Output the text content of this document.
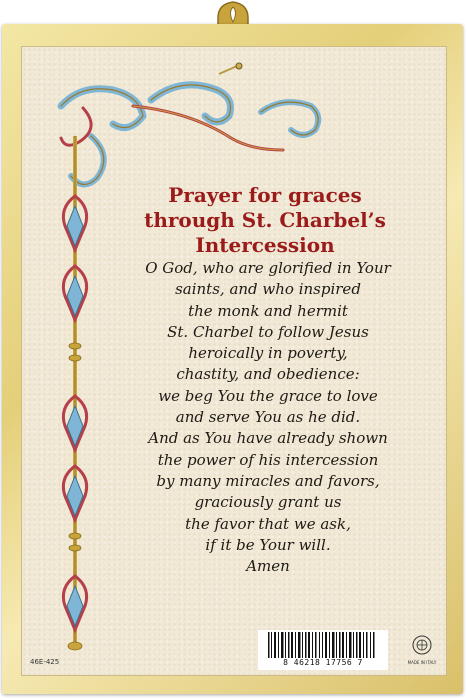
Prayer for graces
through St. Charbel’s
Intercession

O God, who are glorified in Your
saints, and who inspired
the monk and hermit
St. Charbel to follow Jesus
heroically in poverty,
chastity, and obedience:
we beg You the grace to love
and serve You as he did.
And as You have already shown
the power of his intercession
by many miracles and favors,
graciously grant us
the favor that we ask,
if it be Your will.
Amen

46E-425	8 46218 17756 7	MADE IN ITALY
